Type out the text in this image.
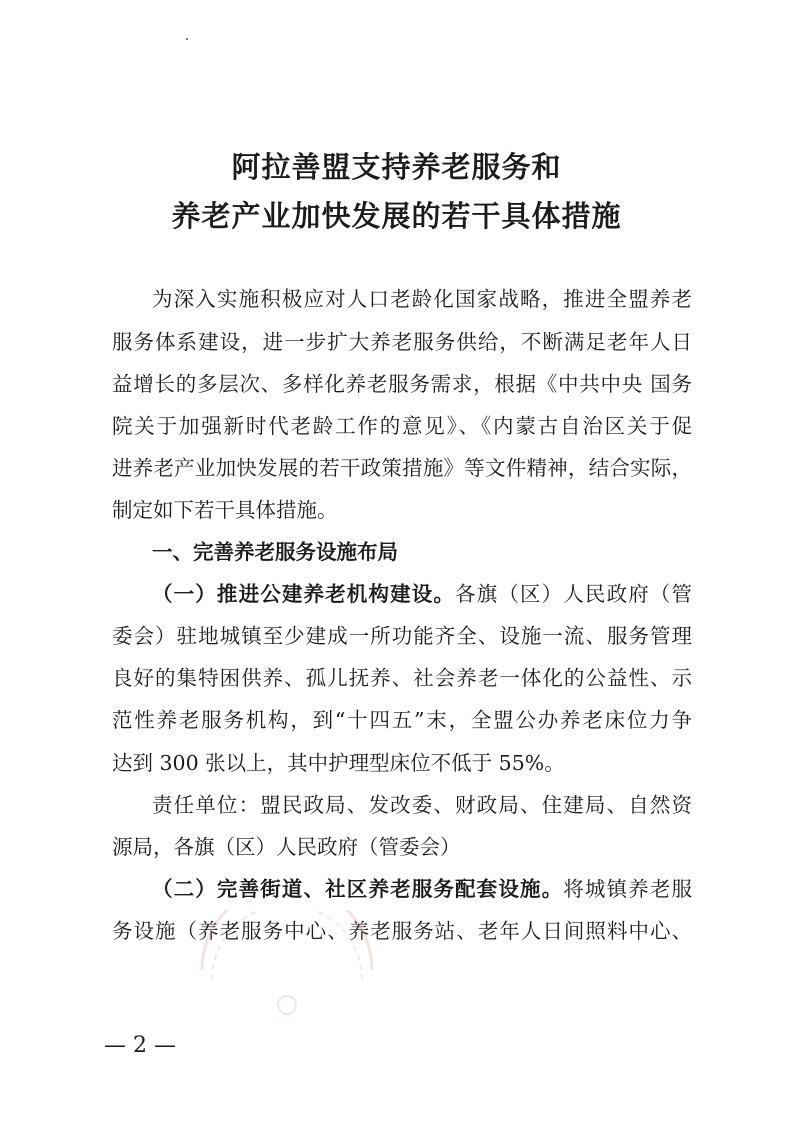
阿拉善盟支持养老服务和
养老产业加快发展的若干具体措施
为深入实施积极应对人口老龄化国家战略，推进全盟养老
服务体系建设，进一步扩大养老服务供给，不断满足老年人日
益增长的多层次、多样化养老服务需求，根据《中共中央 国务
院关于加强新时代老龄工作的意见》、《内蒙古自治区关于促
进养老产业加快发展的若干政策措施》等文件精神，结合实际，
制定如下若干具体措施。
一、完善养老服务设施布局
（一）推进公建养老机构建设。各旗（区）人民政府（管
委会）驻地城镇至少建成一所功能齐全、设施一流、服务管理
良好的集特困供养、孤儿抚养、社会养老一体化的公益性、示
范性养老服务机构，到“十四五”末，全盟公办养老床位力争
达到 300 张以上，其中护理型床位不低于 55%。
责任单位：盟民政局、发改委、财政局、住建局、自然资
源局，各旗（区）人民政府（管委会）
（二）完善街道、社区养老服务配套设施。将城镇养老服
务设施（养老服务中心、养老服务站、老年人日间照料中心、
— 2 —
